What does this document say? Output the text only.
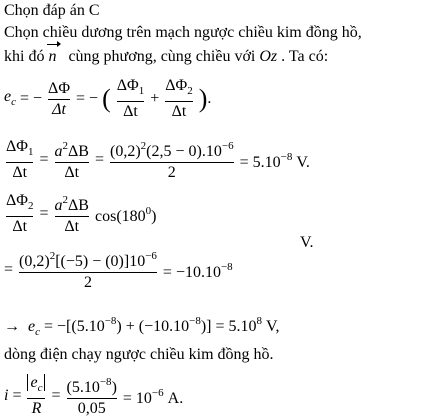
Chọn đáp án C
Chọn chiều dương trên mạch ngược chiều kim đồng hồ,
khi đó n cùng phương, cùng chiều với Oz . Ta có:
$e_c$ = − $\frac{\Delta\Phi}{\Delta t}$ = − ( $\frac{\Delta\Phi_1}{\Delta t} + \frac{\Delta\Phi_2}{\Delta t}$ ).
$\frac{\Delta\Phi_1}{\Delta t} = \frac{a^2\Delta B}{\Delta t} = \frac{(0,2)^2(2,5 - 0).10^{-6}}{2} = 5.10^{-8}$ V.
$\frac{\Delta\Phi_2}{\Delta t} = \frac{a^2\Delta B}{\Delta t} \cos(180^0)$
= $\frac{(0,2)^2[(-5) - (0)]10^{-6}}{2} = -10.10^{-8}$
V.
→ $e_c = -[(5.10^{-8}) + (-10.10^{-8})] = 5.10^8$ V,
dòng điện chạy ngược chiều kim đồng hồ.
$i = \frac{e_c}{R} = \frac{(5.10^{-8})}{0,05} = 10^{-6}$ A.
